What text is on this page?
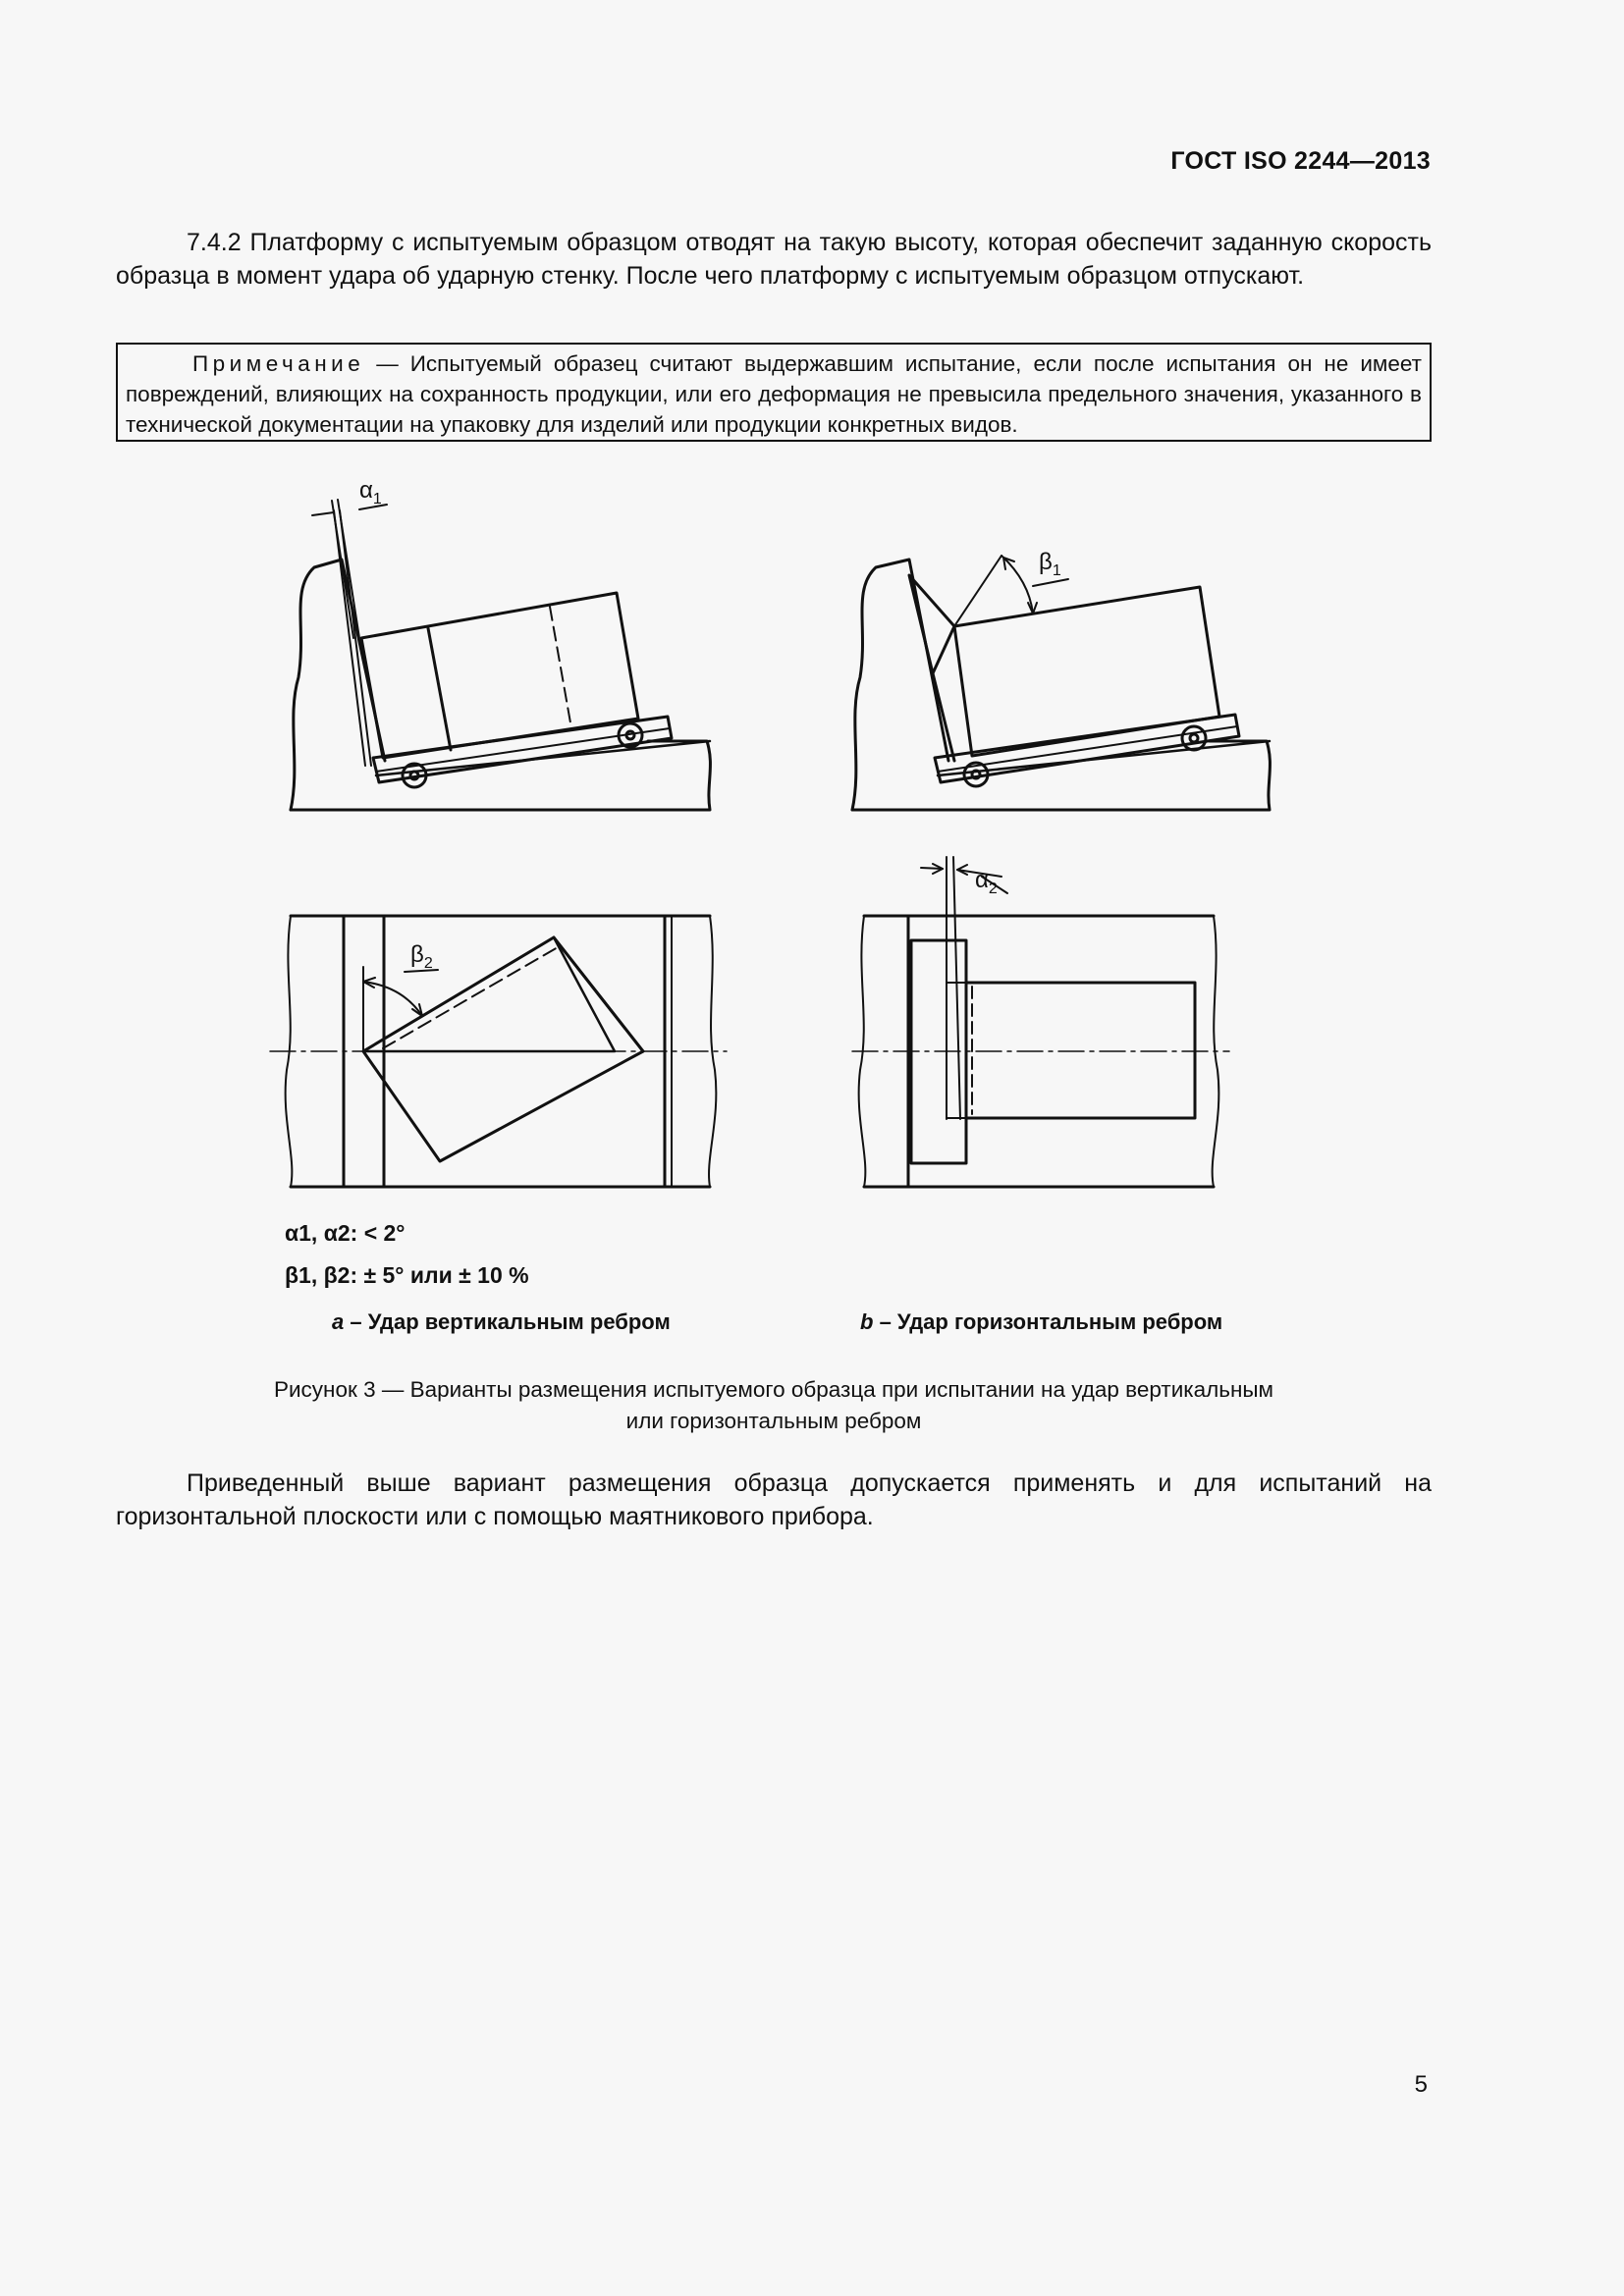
ГОСТ ISO 2244—2013
7.4.2 Платформу с испытуемым образцом отводят на такую высоту, которая обеспечит заданную скорость образца в момент удара об ударную стенку. После чего платформу с испытуемым образцом отпускают.
Примечание — Испытуемый образец считают выдержавшим испытание, если после испытания он не имеет повреждений, влияющих на сохранность продукции, или его деформация не превысила предельного значения, указанного в технической документации на упаковку для изделий или продукции конкретных видов.
$\alpha_1$
$\beta_1$
$\beta_2$
$\alpha_2$
α1, α2: < 2°
β1, β2: ± 5° или ± 10 %
a – Удар вертикальным ребром	b – Удар горизонтальным ребром
Рисунок 3 — Варианты размещения испытуемого образца при испытании на удар вертикальным
или горизонтальным ребром
Приведенный выше вариант размещения образца допускается применять и для испытаний на горизонтальной плоскости или с помощью маятникового прибора.
5
